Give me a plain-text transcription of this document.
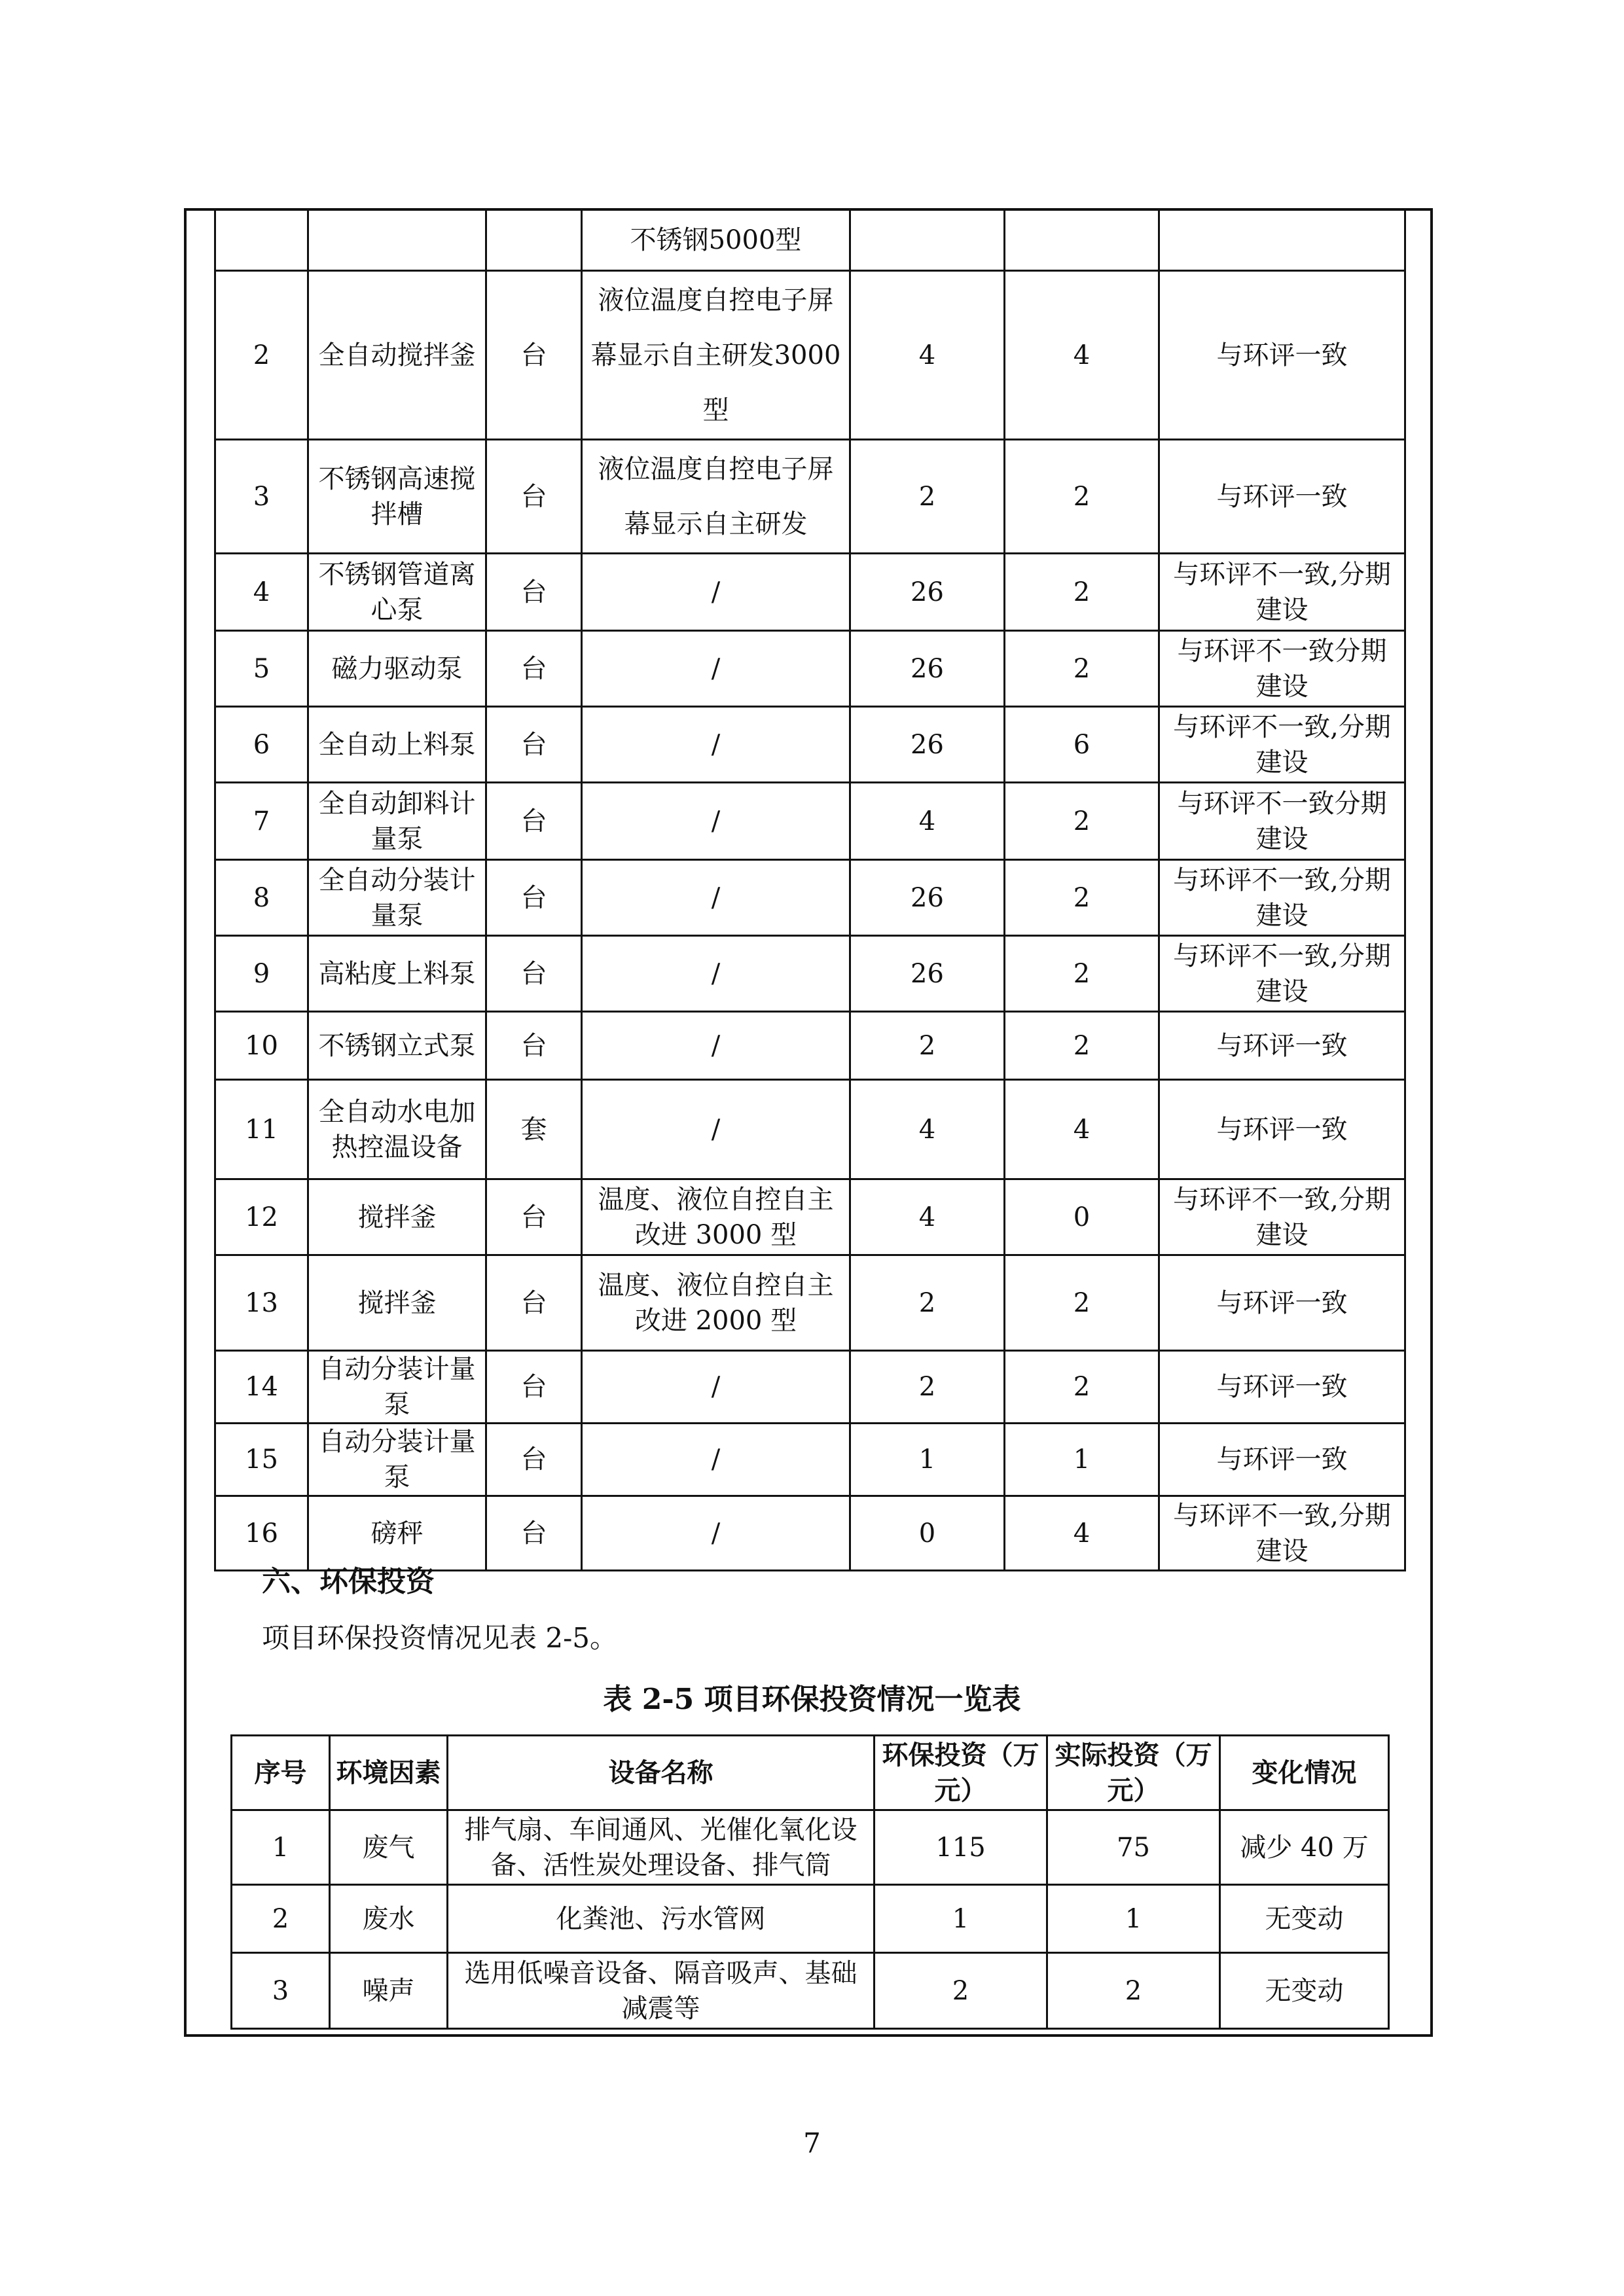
			不锈钢5000型			
2	全自动搅拌釜	台	液位温度自控电子屏幕显示自主研发3000型	4	4	与环评一致
3	不锈钢高速搅拌槽	台	液位温度自控电子屏幕显示自主研发	2	2	与环评一致
4	不锈钢管道离心泵	台	/	26	2	与环评不一致,分期建设
5	磁力驱动泵	台	/	26	2	与环评不一致分期建设
6	全自动上料泵	台	/	26	6	与环评不一致,分期建设
7	全自动卸料计量泵	台	/	4	2	与环评不一致分期建设
8	全自动分装计量泵	台	/	26	2	与环评不一致,分期建设
9	高粘度上料泵	台	/	26	2	与环评不一致,分期建设
10	不锈钢立式泵	台	/	2	2	与环评一致
11	全自动水电加热控温设备	套	/	4	4	与环评一致
12	搅拌釜	台	温度、液位自控自主改进 3000 型	4	0	与环评不一致,分期建设
13	搅拌釜	台	温度、液位自控自主改进 2000 型	2	2	与环评一致
14	自动分装计量泵	台	/	2	2	与环评一致
15	自动分装计量泵	台	/	1	1	与环评一致
16	磅秤	台	/	0	4	与环评不一致,分期建设
六、环保投资

项目环保投资情况见表 2-5。

表 2-5 项目环保投资情况一览表

序号	环境因素	设备名称	环保投资（万元）	实际投资（万元）	变化情况
1	废气	排气扇、车间通风、光催化氧化设备、活性炭处理设备、排气筒	115	75	减少 40 万
2	废水	化粪池、污水管网	1	1	无变动
3	噪声	选用低噪音设备、隔音吸声、基础减震等	2	2	无变动
7
